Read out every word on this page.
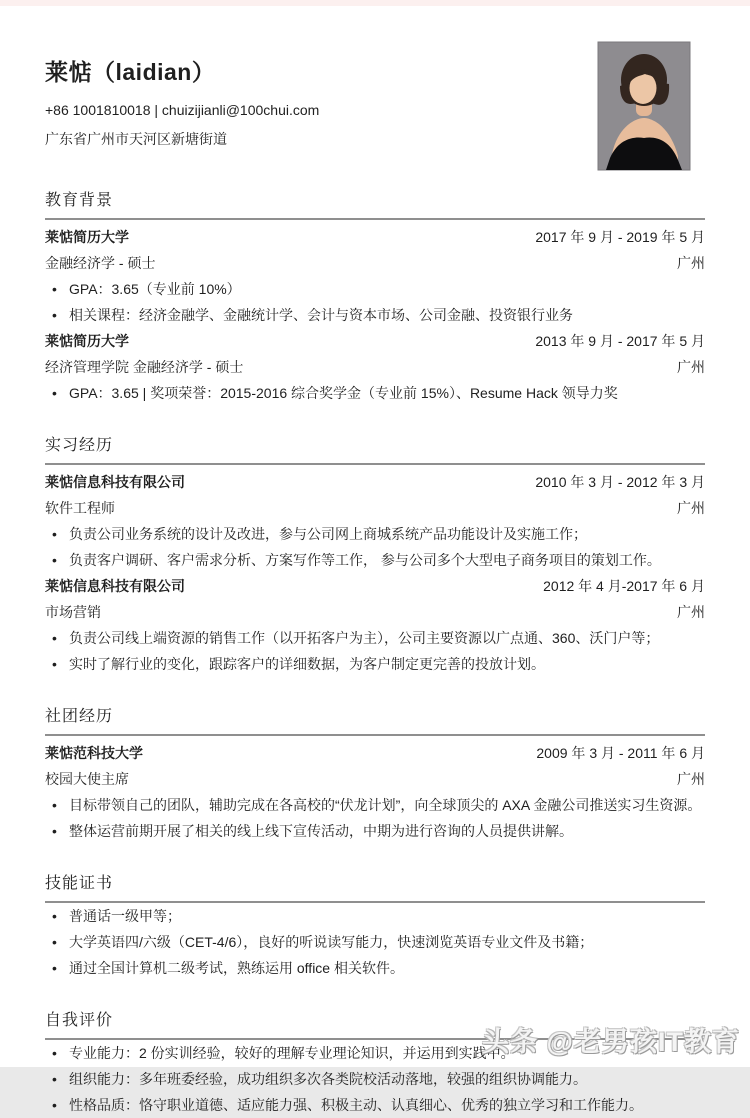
莱惦（laidian）

+86 1001810018 | chuizijianli@100chui.com

广东省广州市天河区新塘街道

教育背景
莱惦简历大学	2017 年 9 月 - 2019 年 5 月
金融经济学 - 硕士	广州
• GPA：3.65（专业前 10%）
• 相关课程：经济金融学、金融统计学、会计与资本市场、公司金融、投资银行业务
莱惦简历大学	2013 年 9 月 - 2017 年 5 月
经济管理学院 金融经济学 - 硕士	广州
• GPA：3.65 | 奖项荣誉：2015-2016 综合奖学金（专业前 15%）、Resume Hack 领导力奖
实习经历
莱惦信息科技有限公司	2010 年 3 月 - 2012 年 3 月
软件工程师	广州
• 负责公司业务系统的设计及改进，参与公司网上商城系统产品功能设计及实施工作；
• 负责客户调研、客户需求分析、方案写作等工作， 参与公司多个大型电子商务项目的策划工作。
莱惦信息科技有限公司	2012 年 4 月-2017 年 6 月
市场营销	广州
• 负责公司线上端资源的销售工作（以开拓客户为主），公司主要资源以广点通、360、沃门户等；
• 实时了解行业的变化，跟踪客户的详细数据，为客户制定更完善的投放计划。
社团经历
莱惦范科技大学	2009 年 3 月 - 2011 年 6 月
校园大使主席	广州
• 目标带领自己的团队，辅助完成在各高校的“伏龙计划”，向全球顶尖的 AXA 金融公司推送实习生资源。
• 整体运营前期开展了相关的线上线下宣传活动，中期为进行咨询的人员提供讲解。
技能证书
• 普通话一级甲等；
• 大学英语四/六级（CET-4/6），良好的听说读写能力，快速浏览英语专业文件及书籍；
• 通过全国计算机二级考试，熟练运用 office 相关软件。
自我评价
• 专业能力：2 份实训经验，较好的理解专业理论知识，并运用到实践中。
• 组织能力：多年班委经验，成功组织多次各类院校活动落地，较强的组织协调能力。
• 性格品质：恪守职业道德、适应能力强、积极主动、认真细心、优秀的独立学习和工作能力。
头条 @老男孩IT教育
